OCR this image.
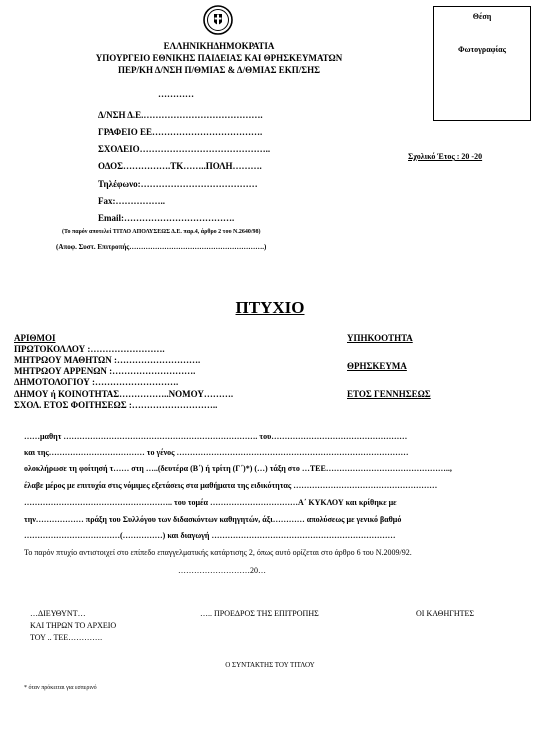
ΕΛΛΗΝΙΚΗΔΗΜΟΚΡΑΤΙΑ
ΥΠΟΥΡΓΕΙΟ ΕΘΝΙΚΗΣ ΠΑΙΔΕΙΑΣ ΚΑΙ ΘΡΗΣΚΕΥΜΑΤΩΝ
ΠΕΡ/ΚΗ Δ/ΝΣΗ Π/ΘΜΙΑΣ & Δ/ΘΜΙΑΣ ΕΚΠ/ΣΗΣ
…………
Θέση
Φωτογραφίας
Δ/ΝΣΗ Δ.Ε.………………………………….
ΓΡΑΦΕΙΟ ΕΕ……………………………….
ΣΧΟΛΕΙΟ……………………………………..
ΟΔΟΣ…………….ΤΚ……..ΠΟΛΗ……….
Τηλέφωνο:…………………………………
Fax:……………..
Email:……………………………….
Σχολικό Έτος : 20 -20
(Το παρόν αποτελεί ΤΙΤΛΟ ΑΠΟΛΥΣΕΩΣ Δ.Ε. παρ.4, άρθρο 2 του Ν.2640/98)
(Αποφ. Συστ. Επιτροπής………………………………………………….)
ΠΤΥΧΙΟ
ΑΡΙΘΜΟΙ
ΠΡΩΤΟΚΟΛΛΟΥ :…………………….
ΜΗΤΡΩΟΥ ΜΑΘΗΤΩΝ :……………………….
ΜΗΤΡΩΟΥ ΑΡΡΕΝΩΝ :……………………….
ΔΗΜΟΤΟΛΟΓΙΟΥ :……………………….
ΔΗΜΟΥ ή ΚΟΙΝΟΤΗΤΑΣ……………..ΝΟΜΟΥ……….
ΣΧΟΛ. ΕΤΟΣ ΦΟΙΤΗΣΕΩΣ :………………………..
ΥΠΗΚΟΟΤΗΤΑ
ΘΡΗΣΚΕΥΜΑ
ΕΤΟΣ ΓΕΝΝΗΣΕΩΣ
……μαθητ ………………………………………………………………. του……………………………………………
και της……………………………… το γένος ……………………………………………………………………………
ολοκλήρωσε τη φοίτησή τ…… στη …..(δευτέρα (Β΄) ή τρίτη (Γ΄)*) (…) τάξη στο …ΤΕΕ………………………………………..,
έλαβε μέρος με επιτυχία στις νόμιμες εξετάσεις στα μαθήματα της ειδικότητας ………………………………………………
……………………………………………….. του τομέα ……………………………Α΄ ΚΥΚΛΟΥ και κρίθηκε με
την……………… πράξη του Συλλόγου των διδασκόντων καθηγητών, άξι………… απολύσεως με γενικό βαθμό
………………………………(……………) και διαγωγή ……………………………………………………………
Το παρόν πτυχίο αντιστοιχεί στο επίπεδο επαγγελματικής κατάρτισης 2, όπως αυτό ορίζεται στο άρθρο 6 του Ν.2009/92.
………………………20…
…ΔΙΕΥΘΥΝΤ…
ΚΑΙ ΤΗΡΩΝ ΤΟ ΑΡΧΕΙΟ
ΤΟΥ .. ΤΕΕ………….
….. ΠΡΟΕΔΡΟΣ ΤΗΣ ΕΠΙΤΡΟΠΗΣ	ΟΙ ΚΑΘΗΓΗΤΕΣ
Ο ΣΥΝΤΑΚΤΗΣ ΤΟΥ ΤΙΤΛΟΥ
* όταν πρόκειται για εσπερινό
